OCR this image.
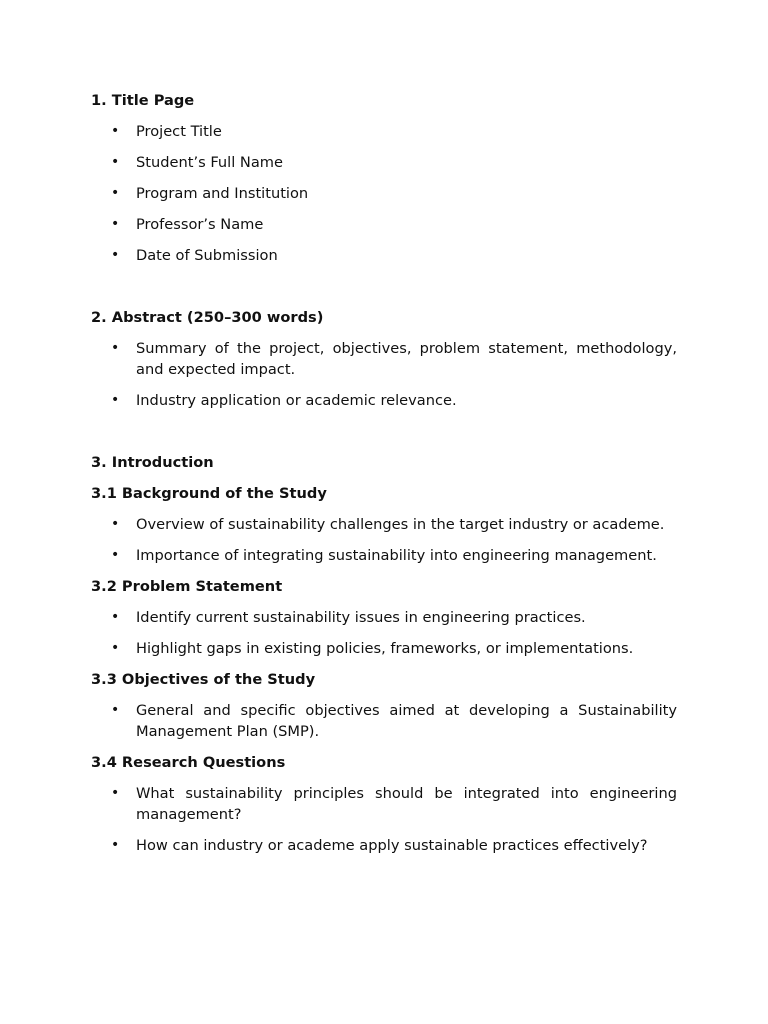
1. Title Page

• Project Title
• Student’s Full Name
• Program and Institution
• Professor’s Name
• Date of Submission

2. Abstract (250–300 words)

• Summary of the project, objectives, problem statement, methodology, and expected impact.
• Industry application or academic relevance.

3. Introduction

3.1 Background of the Study

• Overview of sustainability challenges in the target industry or academe.
• Importance of integrating sustainability into engineering management.

3.2 Problem Statement

• Identify current sustainability issues in engineering practices.
• Highlight gaps in existing policies, frameworks, or implementations.

3.3 Objectives of the Study

• General and specific objectives aimed at developing a Sustainability Management Plan (SMP).

3.4 Research Questions

• What sustainability principles should be integrated into engineering management?
• How can industry or academe apply sustainable practices effectively?
